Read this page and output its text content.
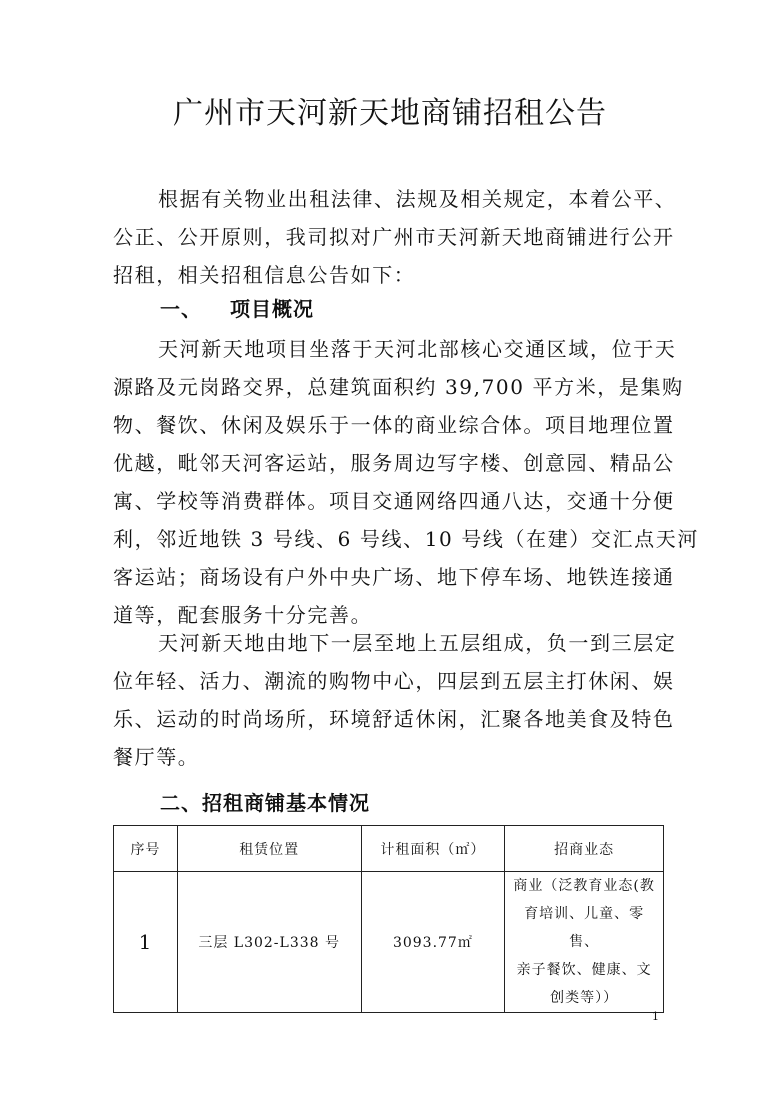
广州市天河新天地商铺招租公告
根据有关物业出租法律、法规及相关规定，本着公平、
公正、公开原则，我司拟对广州市天河新天地商铺进行公开
招租，相关招租信息公告如下：
一、 项目概况
天河新天地项目坐落于天河北部核心交通区域，位于天
源路及元岗路交界，总建筑面积约 39,700 平方米，是集购
物、餐饮、休闲及娱乐于一体的商业综合体。项目地理位置
优越，毗邻天河客运站，服务周边写字楼、创意园、精品公
寓、学校等消费群体。项目交通网络四通八达，交通十分便
利，邻近地铁 3 号线、6 号线、10 号线（在建）交汇点天河
客运站；商场设有户外中央广场、地下停车场、地铁连接通
道等，配套服务十分完善。
天河新天地由地下一层至地上五层组成，负一到三层定
位年轻、活力、潮流的购物中心，四层到五层主打休闲、娱
乐、运动的时尚场所，环境舒适休闲，汇聚各地美食及特色
餐厅等。
二、招租商铺基本情况
序号	租赁位置	计租面积（㎡）	招商业态
1	三层 L302-L338 号	3093.77㎡	商业（泛教育业态(教
育培训、儿童、零售、
亲子餐饮、健康、文
创类等））
1
